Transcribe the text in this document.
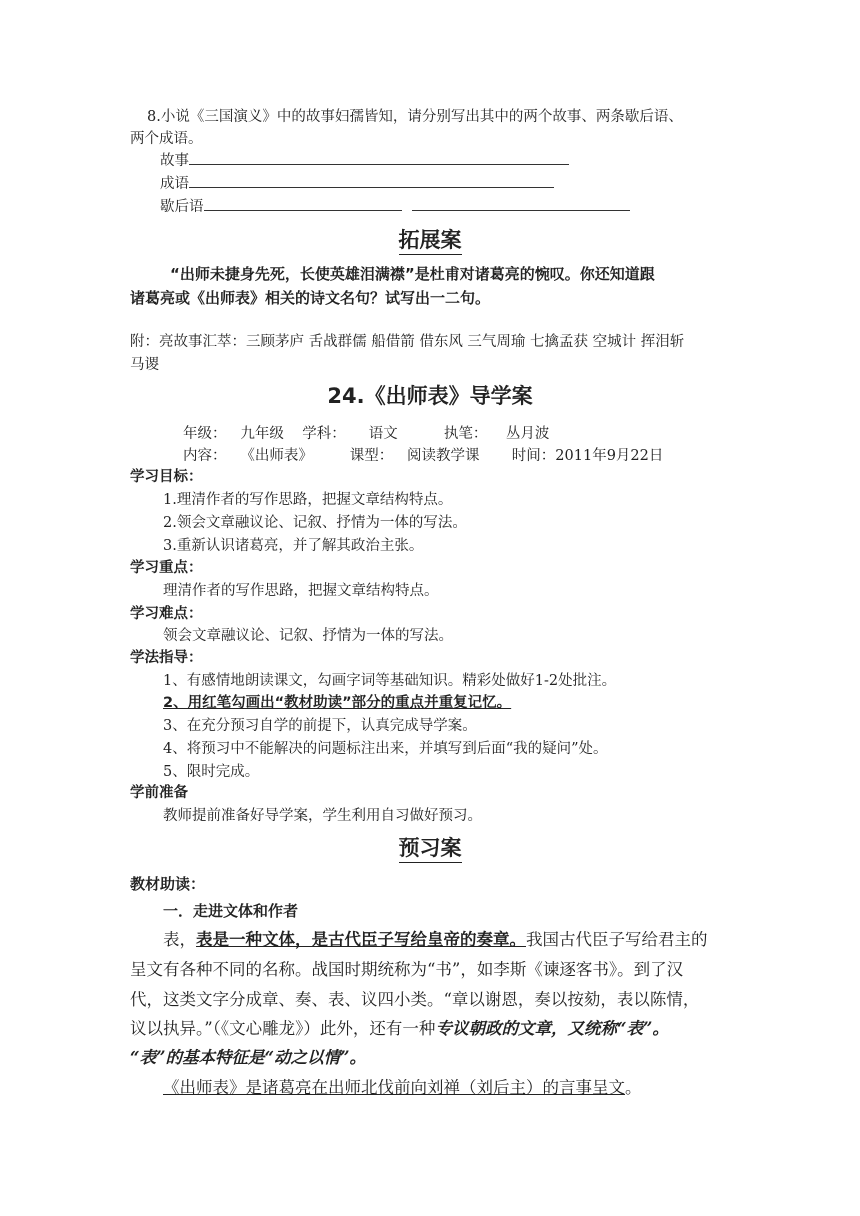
8.小说《三国演义》中的故事妇孺皆知，请分别写出其中的两个故事、两条歇后语、
两个成语。
故事
成语
歇后语
拓展案
“出师未捷身先死，长使英雄泪满襟”是杜甫对诸葛亮的惋叹。你还知道跟
诸葛亮或《出师表》相关的诗文名句？试写出一二句。
附：亮故事汇萃：三顾茅庐 舌战群儒 船借箭 借东风 三气周瑜 七擒孟获 空城计 挥泪斩
马谡
24.《出师表》导学案
年级：   九年级    学科：     语文          执笔：    丛月波
内容：   《出师表》        课型：   阅读教学课       时间：2011年9月22日
学习目标：
1.理清作者的写作思路，把握文章结构特点。
2.领会文章融议论、记叙、抒情为一体的写法。
3.重新认识诸葛亮，并了解其政治主张。
学习重点：
理清作者的写作思路，把握文章结构特点。
学习难点：
领会文章融议论、记叙、抒情为一体的写法。
学法指导：
1、有感情地朗读课文，勾画字词等基础知识。精彩处做好1-2处批注。
2、用红笔勾画出“教材助读”部分的重点并重复记忆。
3、在充分预习自学的前提下，认真完成导学案。
4、将预习中不能解决的问题标注出来，并填写到后面“我的疑问”处。
5、限时完成。
学前准备
教师提前准备好导学案，学生利用自习做好预习。
预习案
教材助读：
一．走进文体和作者
表，表是一种文体，是古代臣子写给皇帝的奏章。我国古代臣子写给君主的
呈文有各种不同的名称。战国时期统称为“书”，如李斯《谏逐客书》。到了汉
代，这类文字分成章、奏、表、议四小类。“章以谢恩，奏以按劾，表以陈情，
议以执异。”（《文心雕龙》）此外，还有一种专议朝政的文章，又统称“表”。
“表”的基本特征是“动之以情”。
《出师表》是诸葛亮在出师北伐前向刘禅（刘后主）的言事呈文。
